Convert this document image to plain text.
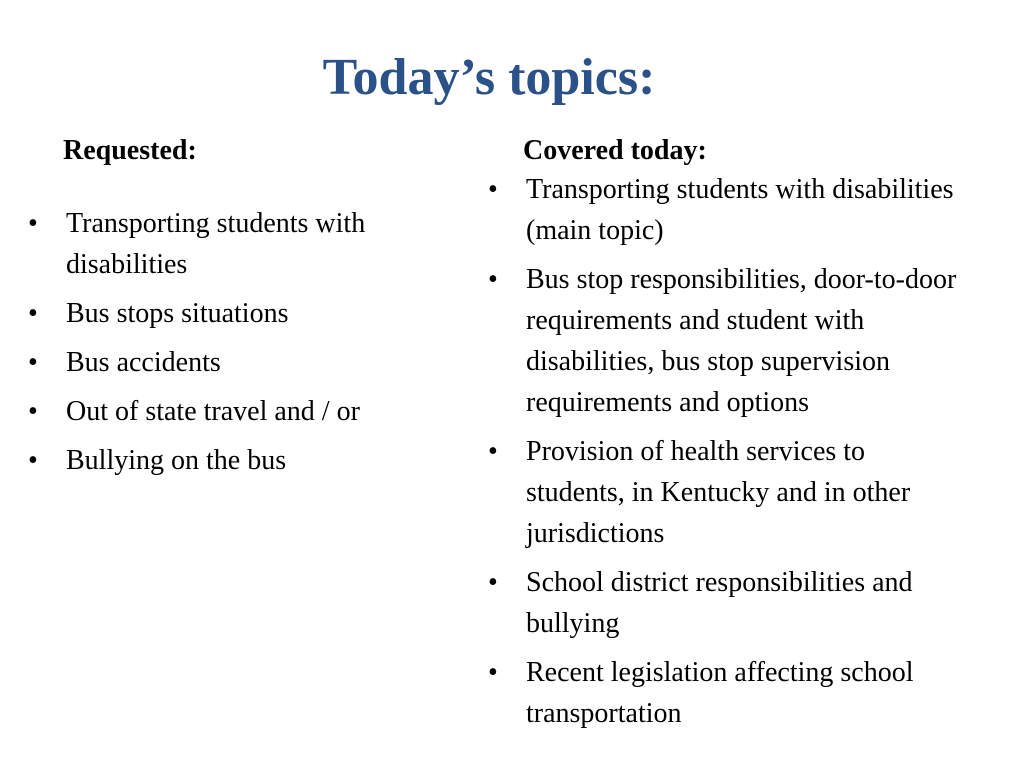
Today’s topics:
Requested:	Covered today:
• Transporting students with disabilities
• Bus stops situations
• Bus accidents
• Out of state travel and / or
• Bullying on the bus
• Transporting students with disabilities (main topic)
• Bus stop responsibilities, door-to-door requirements and student with disabilities, bus stop supervision requirements and options
• Provision of health services to students, in Kentucky and in other jurisdictions
• School district responsibilities and bullying
• Recent legislation affecting school transportation
